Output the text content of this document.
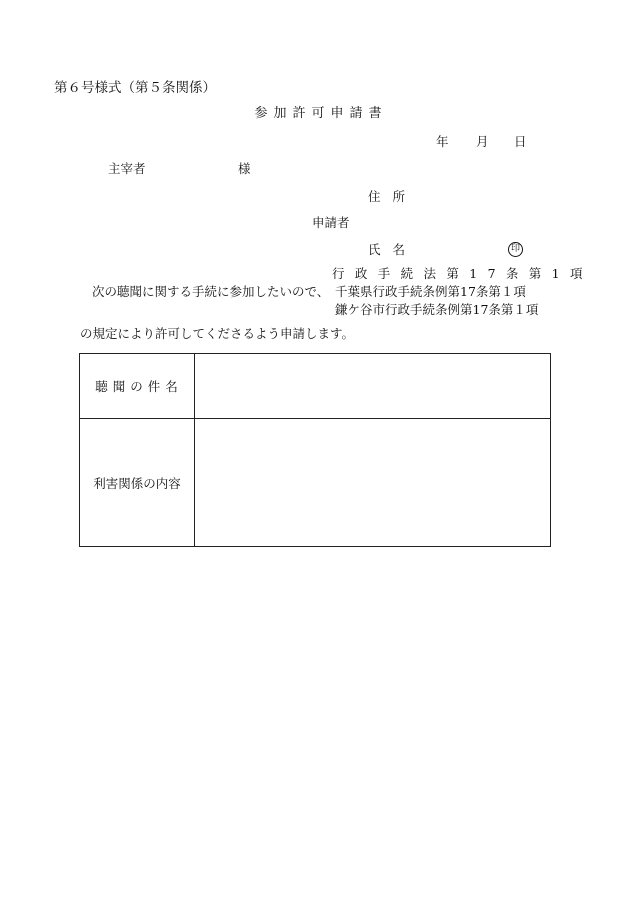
第６号様式（第５条関係）
参加許可申請書
年 月 日
主宰者	様
住所
申請者
氏名	印
行 政 手 続 法 第 1 7 条 第 1 項
次の聴聞に関する手続に参加したいので、 千葉県行政手続条例第17条第１項
鎌ケ谷市行政手続条例第17条第１項
の規定により許可してくださるよう申請します。
聴聞の件名	
利害関係の内容	
